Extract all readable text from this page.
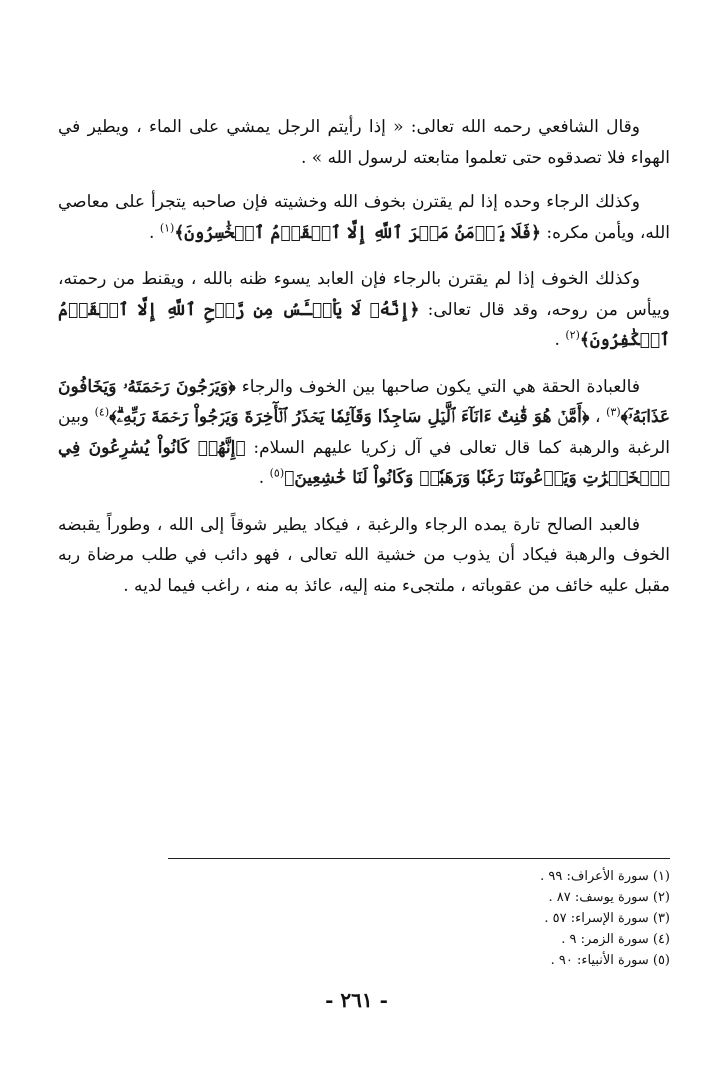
وقال الشافعي رحمه الله تعالى: « إذا رأيتم الرجل يمشي على الماء ، ويطير في الهواء فلا تصدقوه حتى تعلموا متابعته لرسول الله » .

وكذلك الرجاء وحده إذا لم يقترن بخوف الله وخشيته فإن صاحبه يتجرأ على معاصي الله، ويأمن مكره: ﴿فَلَا يَأۡمَنُ مَكۡرَ ٱللَّهِ إِلَّا ٱلۡقَوۡمُ ٱلۡخَٰسِرُونَ﴾$^{(١)}$ .

وكذلك الخوف إذا لم يقترن بالرجاء فإن العابد يسوء ظنه بالله ، ويقنط من رحمته، وييأس من روحه، وقد قال تعالى: ﴿إِنَّهُۥ لَا يَاْيۡـَٔسُ مِن رَّوۡحِ ٱللَّهِ إِلَّا ٱلۡقَوۡمُ ٱلۡكَٰفِرُونَ﴾$^{(٢)}$ .

فالعبادة الحقة هي التي يكون صاحبها بين الخوف والرجاء ﴿وَيَرۡجُونَ رَحۡمَتَهُۥ وَيَخَافُونَ عَذَابَهُۥٓ﴾$^{(٣)}$ ، ﴿أَمَّنۡ هُوَ قَٰنِتٌ ءَانَآءَ ٱلَّيۡلِ سَاجِدٗا وَقَآئِمٗا يَحۡذَرُ ٱلۡأٓخِرَةَ وَيَرۡجُواْ رَحۡمَةَ رَبِّهِۦۗ﴾$^{(٤)}$ وبين الرغبة والرهبة كما قال تعالى في آل زكريا عليهم السلام: ﴿إِنَّهُمۡ كَانُواْ يُسَٰرِعُونَ فِي ٱلۡخَيۡرَٰتِ وَيَدۡعُونَنَا رَغَبٗا وَرَهَبٗاۖ وَكَانُواْ لَنَا خَٰشِعِينَ﴾$^{(٥)}$ .

فالعبد الصالح تارة يمده الرجاء والرغبة ، فيكاد يطير شوقاً إلى الله ، وطوراً يقبضه الخوف والرهبة فيكاد أن يذوب من خشية الله تعالى ، فهو دائب في طلب مرضاة ربه مقبل عليه خائف من عقوباته ، ملتجىء منه إليه، عائذ به منه ، راغب فيما لديه .

(١) سورة الأعراف: ٩٩ .

(٢) سورة يوسف: ٨٧ .

(٣) سورة الإسراء: ٥٧ .

(٤) سورة الزمر: ٩ .

(٥) سورة الأنبياء: ٩٠ .

- ٢٦١ -
